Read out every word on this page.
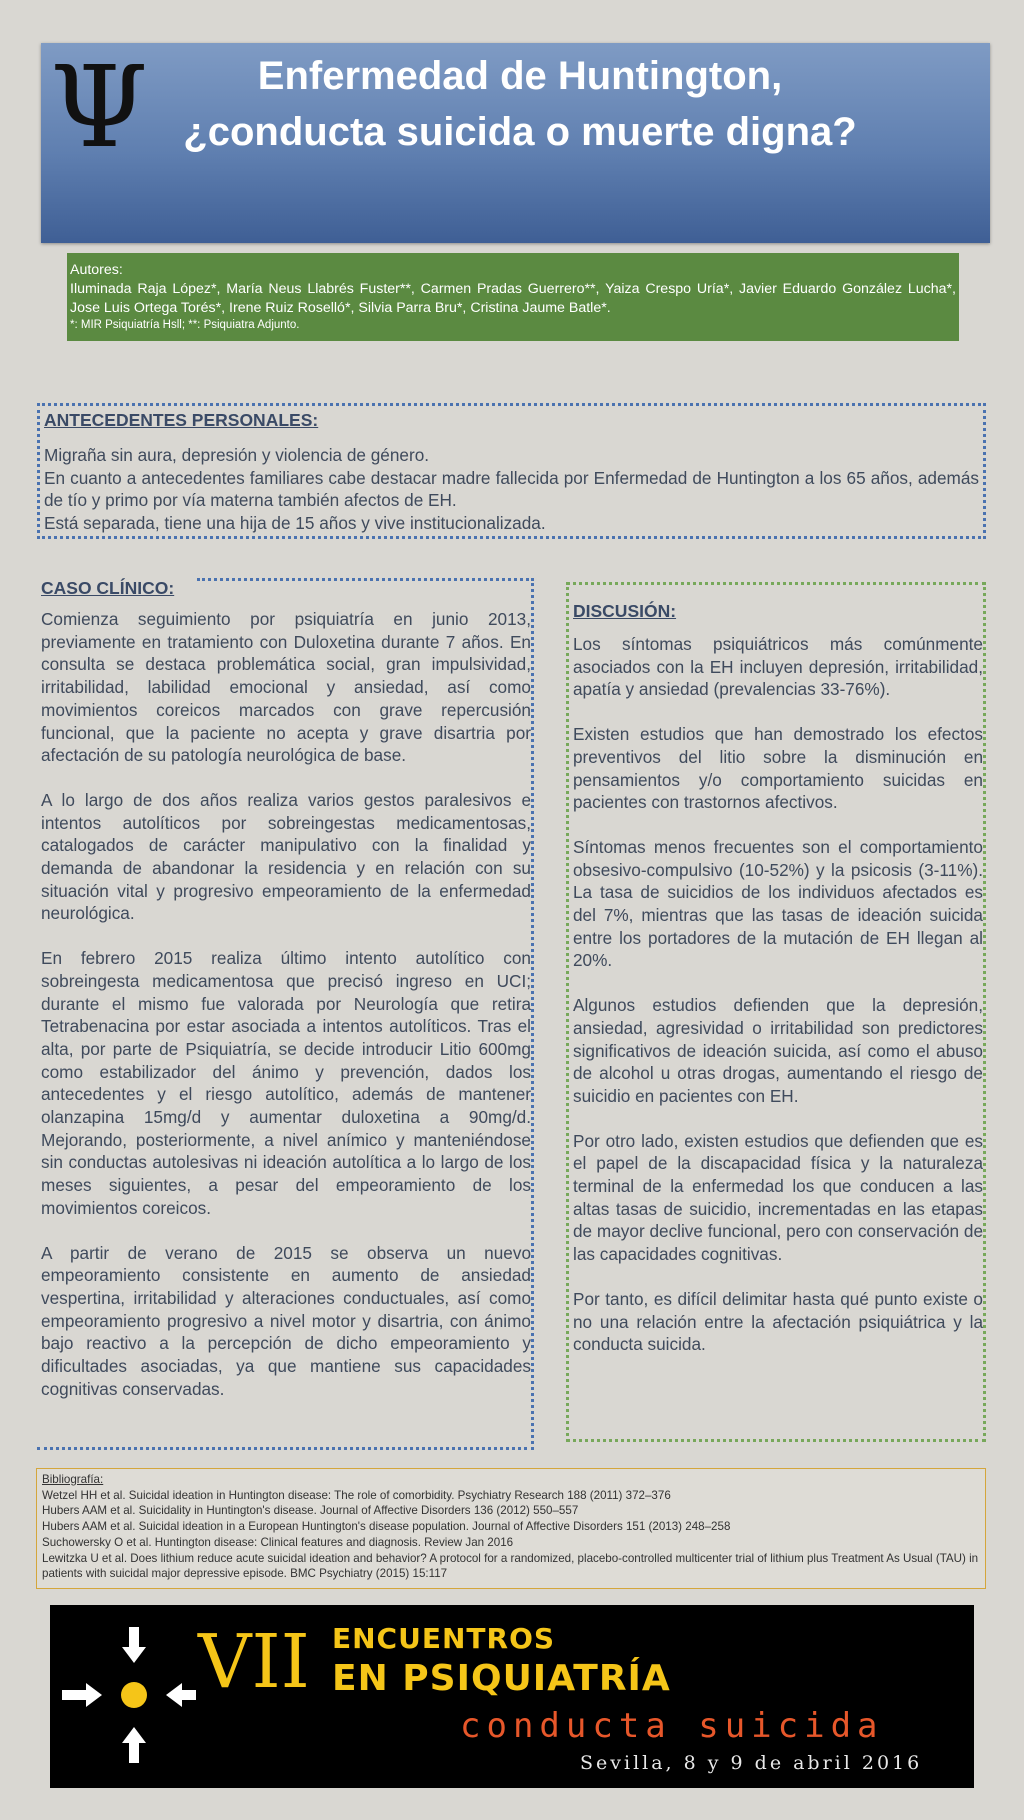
Ψ	Enfermedad de Huntington,
¿conducta suicida o muerte digna?
Autores:
Iluminada Raja López*, María Neus Llabrés Fuster**, Carmen Pradas Guerrero**, Yaiza Crespo Uría*, Javier Eduardo González Lucha*, Jose Luis Ortega Torés*, Irene Ruiz Roselló*, Silvia Parra Bru*, Cristina Jaume Batle*.
*: MIR Psiquiatría Hsll; **: Psiquiatra Adjunto.
ANTECEDENTES PERSONALES:

Migraña sin aura, depresión y violencia de género.

En cuanto a antecedentes familiares cabe destacar madre fallecida por Enfermedad de Huntington a los 65 años, además de tío y primo por vía materna también afectos de EH.

Está separada, tiene una hija de 15 años y vive institucionalizada.

CASO CLÍNICO:

Comienza seguimiento por psiquiatría en junio 2013, previamente en tratamiento con Duloxetina durante 7 años. En consulta se destaca problemática social, gran impulsividad, irritabilidad, labilidad emocional y ansiedad, así como movimientos coreicos marcados con grave repercusión funcional, que la paciente no acepta y grave disartria por afectación de su patología neurológica de base.

A lo largo de dos años realiza varios gestos paralesivos e intentos autolíticos por sobreingestas medicamentosas, catalogados de carácter manipulativo con la finalidad y demanda de abandonar la residencia y en relación con su situación vital y progresivo empeoramiento de la enfermedad neurológica.

En febrero 2015 realiza último intento autolítico con sobreingesta medicamentosa que precisó ingreso en UCI; durante el mismo fue valorada por Neurología que retira Tetrabenacina por estar asociada a intentos autolíticos. Tras el alta, por parte de Psiquiatría, se decide introducir Litio 600mg como estabilizador del ánimo y prevención, dados los antecedentes y el riesgo autolítico, además de mantener olanzapina 15mg/d y aumentar duloxetina a 90mg/d. Mejorando, posteriormente, a nivel anímico y manteniéndose sin conductas autolesivas ni ideación autolítica a lo largo de los meses siguientes, a pesar del empeoramiento de los movimientos coreicos.

A partir de verano de 2015 se observa un nuevo empeoramiento consistente en aumento de ansiedad vespertina, irritabilidad y alteraciones conductuales, así como empeoramiento progresivo a nivel motor y disartria, con ánimo bajo reactivo a la percepción de dicho empeoramiento y dificultades asociadas, ya que mantiene sus capacidades cognitivas conservadas.

DISCUSIÓN:

Los síntomas psiquiátricos más comúnmente asociados con la EH incluyen depresión, irritabilidad, apatía y ansiedad (prevalencias 33-76%).

Existen estudios que han demostrado los efectos preventivos del litio sobre la disminución en pensamientos y/o comportamiento suicidas en pacientes con trastornos afectivos.

Síntomas menos frecuentes son el comportamiento obsesivo-compulsivo (10-52%) y la psicosis (3-11%). La tasa de suicidios de los individuos afectados es del 7%, mientras que las tasas de ideación suicida entre los portadores de la mutación de EH llegan al 20%.

Algunos estudios defienden que la depresión, ansiedad, agresividad o irritabilidad son predictores significativos de ideación suicida, así como el abuso de alcohol u otras drogas, aumentando el riesgo de suicidio en pacientes con EH.

Por otro lado, existen estudios que defienden que es el papel de la discapacidad física y la naturaleza terminal de la enfermedad los que conducen a las altas tasas de suicidio, incrementadas en las etapas de mayor declive funcional, pero con conservación de las capacidades cognitivas.

Por tanto, es difícil delimitar hasta qué punto existe o no una relación entre la afectación psiquiátrica y la conducta suicida.

Bibliografía:
Wetzel HH et al. Suicidal ideation in Huntington disease: The role of comorbidity. Psychiatry Research 188 (2011) 372–376
Hubers AAM et al. Suicidality in Huntington's disease. Journal of Affective Disorders 136 (2012) 550–557
Hubers AAM et al. Suicidal ideation in a European Huntington's disease population. Journal of Affective Disorders 151 (2013) 248–258
Suchowersky O et al. Huntington disease: Clinical features and diagnosis. Review Jan 2016
Lewitzka U et al. Does lithium reduce acute suicidal ideation and behavior? A protocol for a randomized, placebo-controlled multicenter trial of lithium plus Treatment As Usual (TAU) in patients with suicidal major depressive episode. BMC Psychiatry (2015) 15:117
VII ENCUENTROS
EN PSIQUIATRÍA
conducta suicida
Sevilla, 8 y 9 de abril 2016
